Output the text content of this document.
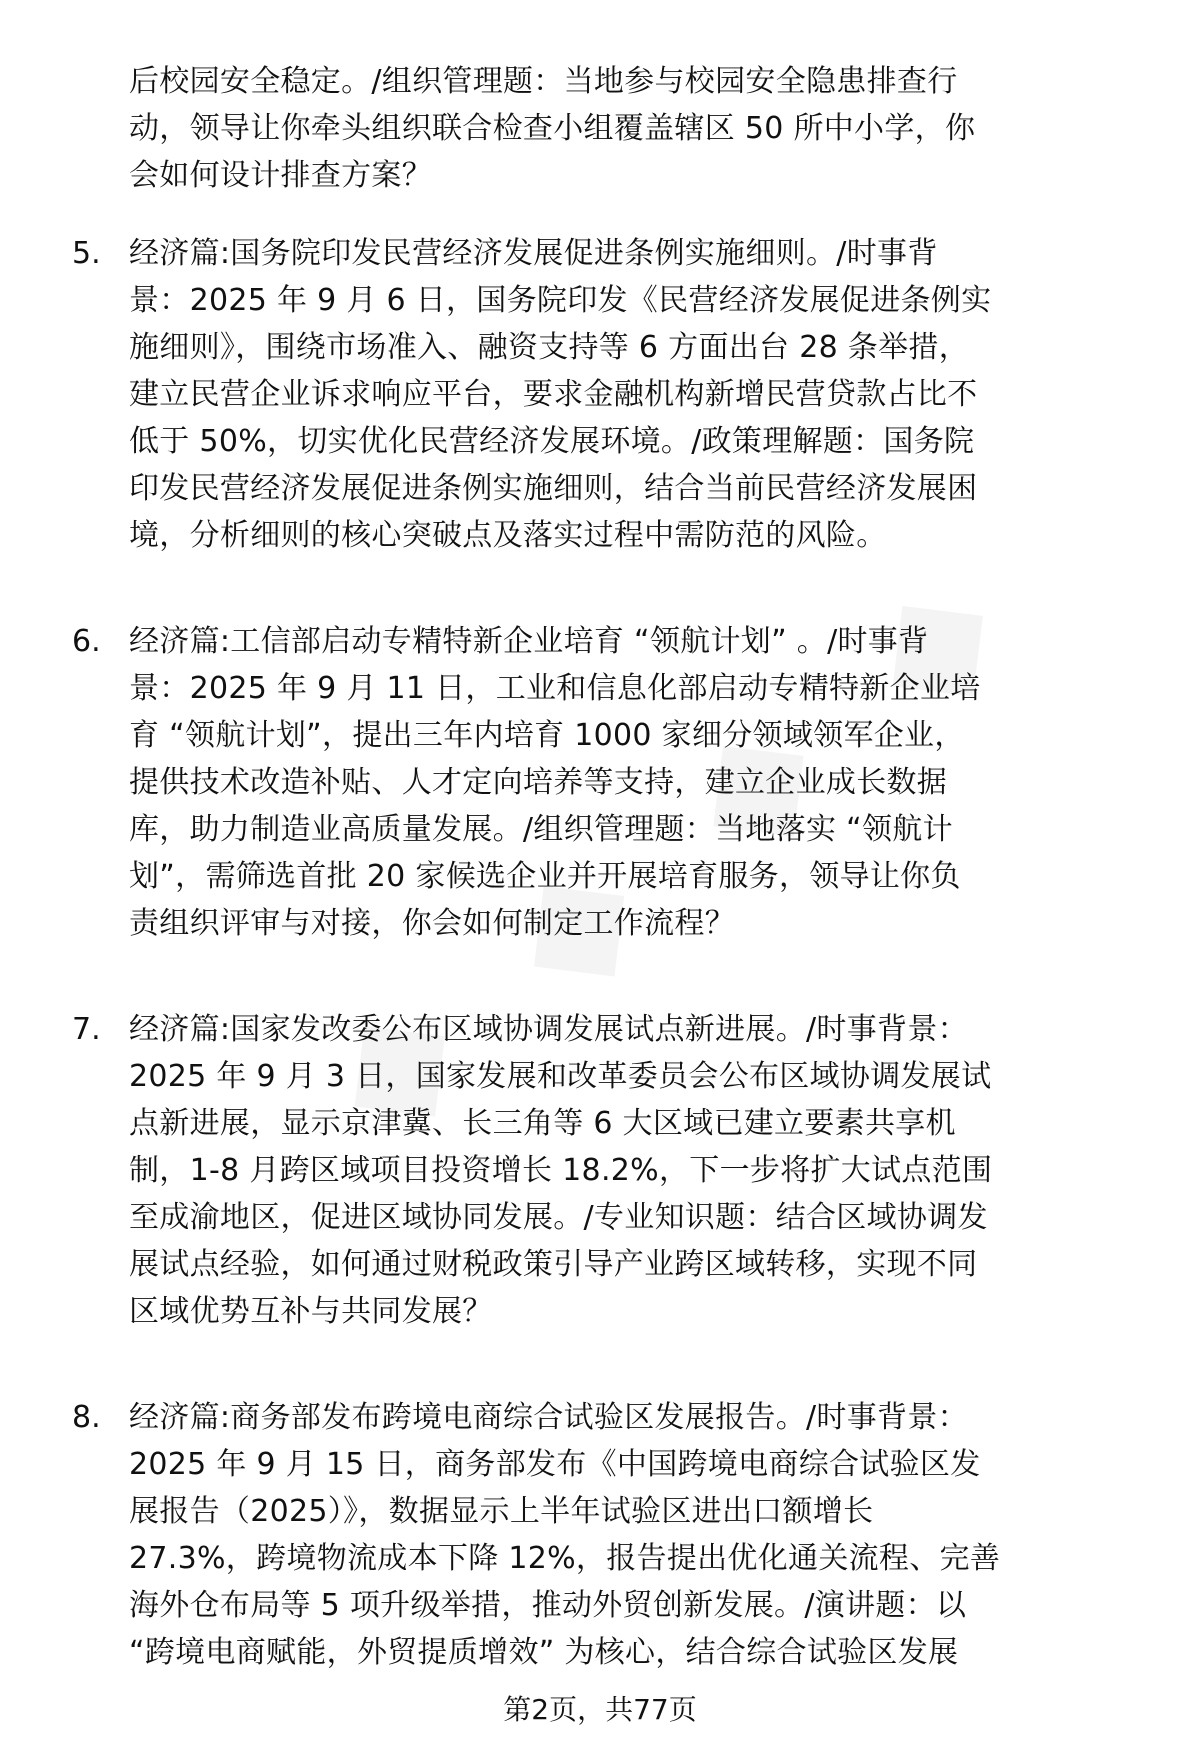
后校园安全稳定。/组织管理题：当地参与校园安全隐患排查行
动，领导让你牵头组织联合检查小组覆盖辖区 50 所中小学，你
会如何设计排查方案？

5. 经济篇:国务院印发民营经济发展促进条例实施细则。/时事背
景：2025 年 9 月 6 日，国务院印发《民营经济发展促进条例实
施细则》，围绕市场准入、融资支持等 6 方面出台 28 条举措，
建立民营企业诉求响应平台，要求金融机构新增民营贷款占比不
低于 50%，切实优化民营经济发展环境。/政策理解题：国务院
印发民营经济发展促进条例实施细则，结合当前民营经济发展困
境，分析细则的核心突破点及落实过程中需防范的风险。

6. 经济篇:工信部启动专精特新企业培育 “领航计划” 。/时事背
景：2025 年 9 月 11 日，工业和信息化部启动专精特新企业培
育 “领航计划”，提出三年内培育 1000 家细分领域领军企业，
提供技术改造补贴、人才定向培养等支持，建立企业成长数据
库，助力制造业高质量发展。/组织管理题：当地落实 “领航计
划”，需筛选首批 20 家候选企业并开展培育服务，领导让你负
责组织评审与对接，你会如何制定工作流程？

7. 经济篇:国家发改委公布区域协调发展试点新进展。/时事背景：
2025 年 9 月 3 日，国家发展和改革委员会公布区域协调发展试
点新进展，显示京津冀、长三角等 6 大区域已建立要素共享机
制，1-8 月跨区域项目投资增长 18.2%，下一步将扩大试点范围
至成渝地区，促进区域协同发展。/专业知识题：结合区域协调发
展试点经验，如何通过财税政策引导产业跨区域转移，实现不同
区域优势互补与共同发展？

8. 经济篇:商务部发布跨境电商综合试验区发展报告。/时事背景：
2025 年 9 月 15 日，商务部发布《中国跨境电商综合试验区发
展报告（2025）》，数据显示上半年试验区进出口额增长
27.3%，跨境物流成本下降 12%，报告提出优化通关流程、完善
海外仓布局等 5 项升级举措，推动外贸创新发展。/演讲题：以
“跨境电商赋能，外贸提质增效” 为核心，结合综合试验区发展

第2页，共77页
